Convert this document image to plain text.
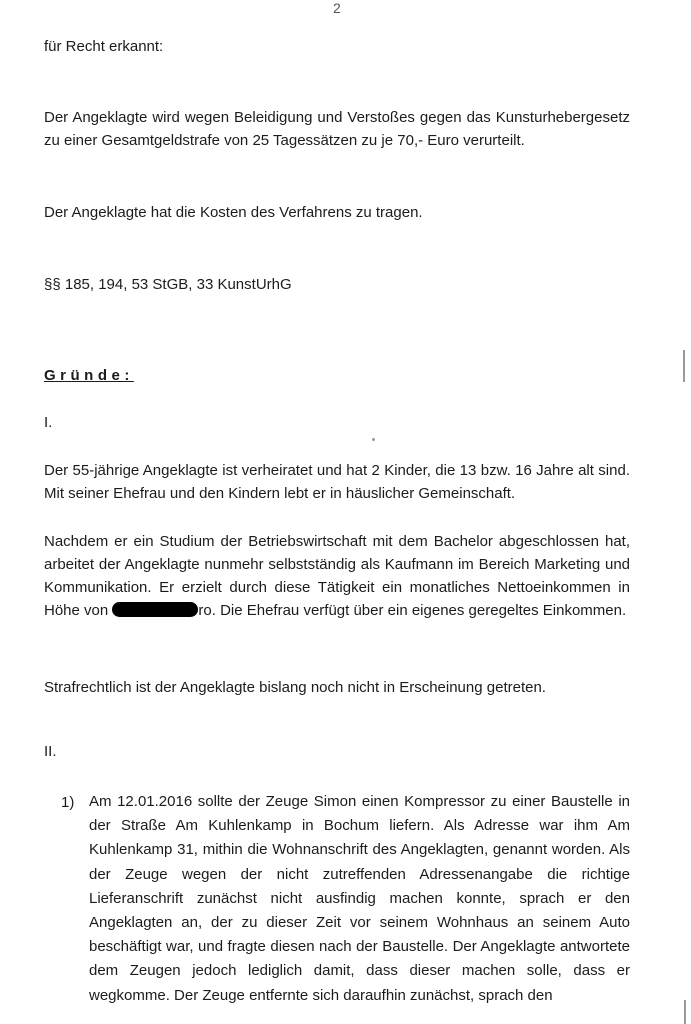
2

für Recht erkannt:

Der Angeklagte wird wegen Beleidigung und Verstoßes gegen das Kunsturhebergesetz zu einer Gesamtgeldstrafe von 25 Tagessätzen zu je 70,- Euro verurteilt.

Der Angeklagte hat die Kosten des Verfahrens zu tragen.

§§ 185, 194, 53 StGB, 33 KunstUrhG

Gründe:

I.

Der 55-jährige Angeklagte ist verheiratet und hat 2 Kinder, die 13 bzw. 16 Jahre alt sind. Mit seiner Ehefrau und den Kindern lebt er in häuslicher Gemeinschaft.

Nachdem er ein Studium der Betriebswirtschaft mit dem Bachelor abgeschlossen hat, arbeitet der Angeklagte nunmehr selbstständig als Kaufmann im Bereich Marketing und Kommunikation. Er erzielt durch diese Tätigkeit ein monatliches Nettoeinkommen in Höhe von	ro. Die Ehefrau verfügt über ein eigenes geregeltes Einkommen.

Strafrechtlich ist der Angeklagte bislang noch nicht in Erscheinung getreten.

II.

1) Am 12.01.2016 sollte der Zeuge Simon einen Kompressor zu einer Baustelle in der Straße Am Kuhlenkamp in Bochum liefern. Als Adresse war ihm Am Kuhlenkamp 31, mithin die Wohnanschrift des Angeklagten, genannt worden. Als der Zeuge wegen der nicht zutreffenden Adressenangabe die richtige Lieferanschrift zunächst nicht ausfindig machen konnte, sprach er den Angeklagten an, der zu dieser Zeit vor seinem Wohnhaus an seinem Auto beschäftigt war, und fragte diesen nach der Baustelle. Der Angeklagte antwortete dem Zeugen jedoch lediglich damit, dass dieser machen solle, dass er wegkomme. Der Zeuge entfernte sich daraufhin zunächst, sprach den
